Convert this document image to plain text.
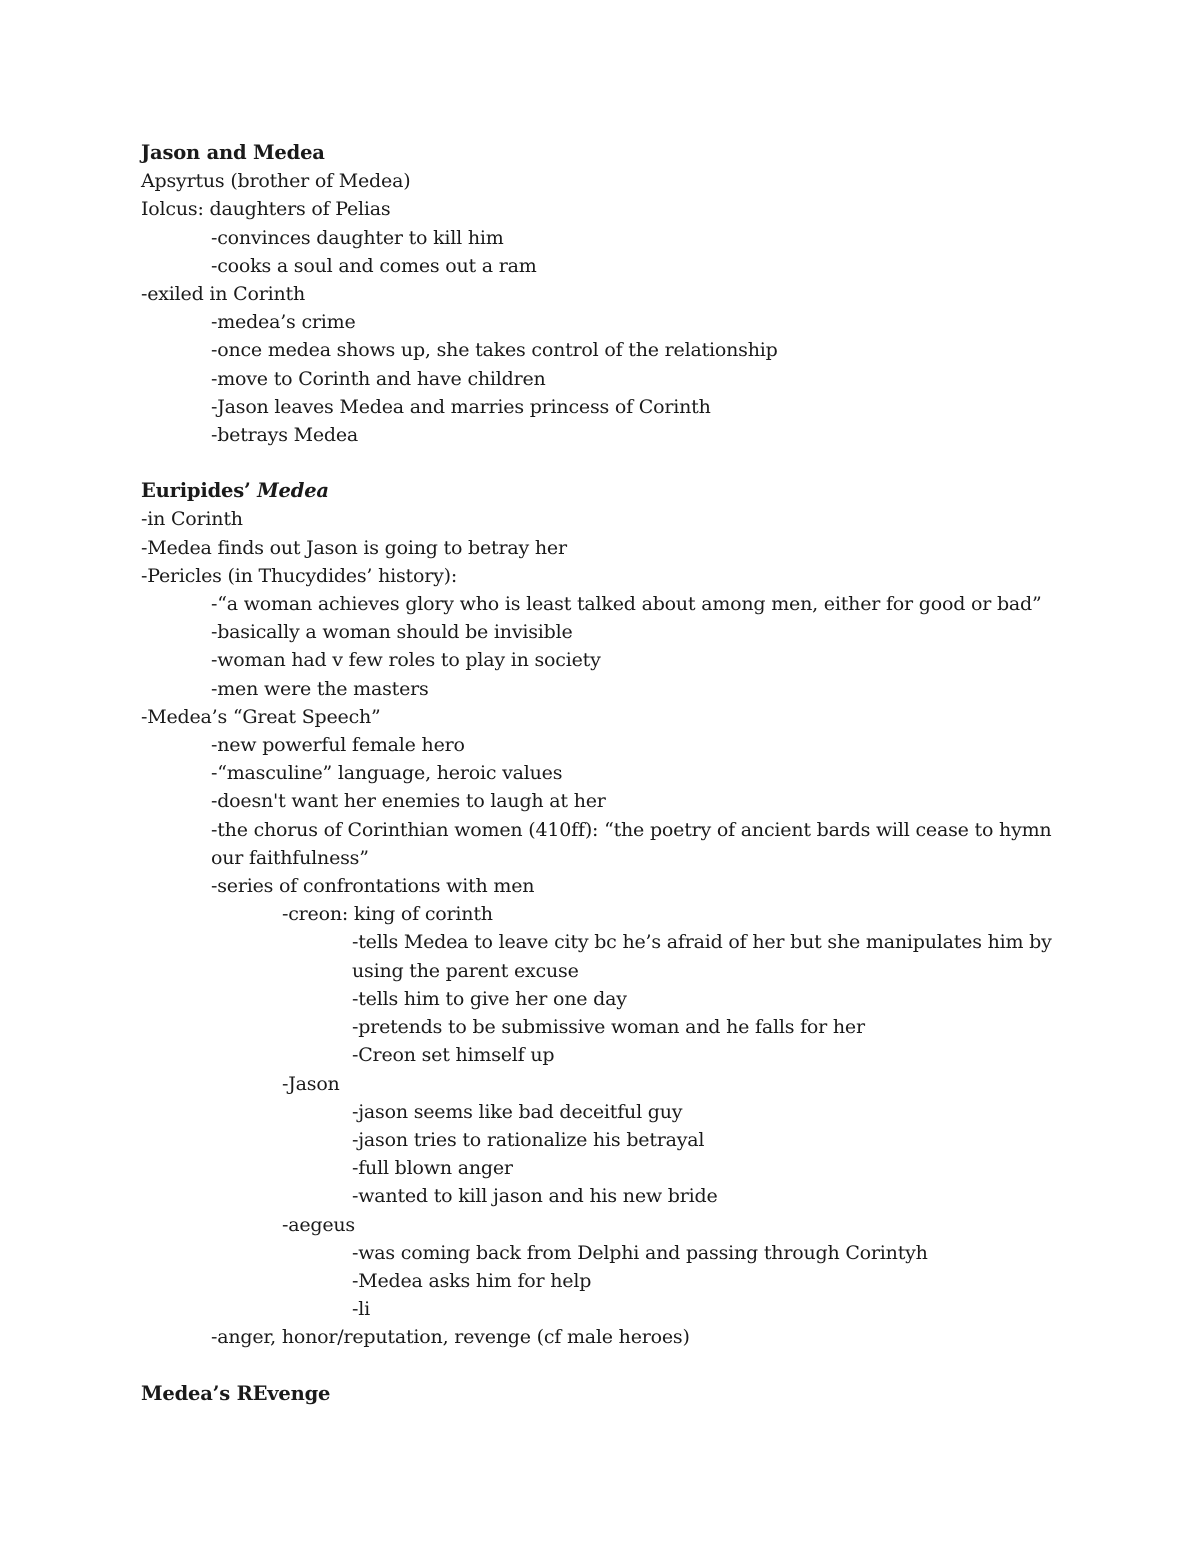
Jason and Medea
Apsyrtus (brother of Medea)
Iolcus: daughters of Pelias
-convinces daughter to kill him
-cooks a soul and comes out a ram
-exiled in Corinth
-medea’s crime
-once medea shows up, she takes control of the relationship
-move to Corinth and have children
-Jason leaves Medea and marries princess of Corinth
-betrays Medea
Euripides’ Medea
-in Corinth
-Medea finds out Jason is going to betray her
-Pericles (in Thucydides’ history):
-“a woman achieves glory who is least talked about among men, either for good or bad”
-basically a woman should be invisible
-woman had v few roles to play in society
-men were the masters
-Medea’s “Great Speech”
-new powerful female hero
-“masculine” language, heroic values
-doesn't want her enemies to laugh at her
-the chorus of Corinthian women (410ff): “the poetry of ancient bards will cease to hymn
our faithfulness”
-series of confrontations with men
-creon: king of corinth
-tells Medea to leave city bc he’s afraid of her but she manipulates him by
using the parent excuse
-tells him to give her one day
-pretends to be submissive woman and he falls for her
-Creon set himself up
-Jason
-jason seems like bad deceitful guy
-jason tries to rationalize his betrayal
-full blown anger
-wanted to kill jason and his new bride
-aegeus
-was coming back from Delphi and passing through Corintyh
-Medea asks him for help
-li
-anger, honor/reputation, revenge (cf male heroes)
Medea’s REvenge
